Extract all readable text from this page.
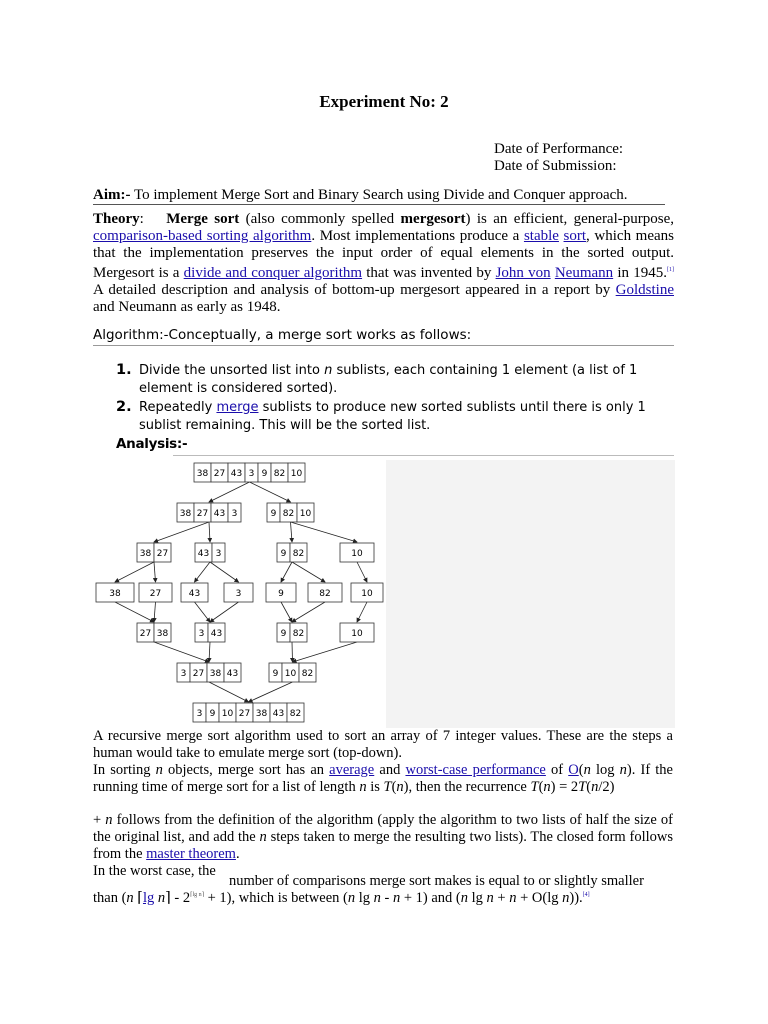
Experiment No: 2
Date of Performance:
Date of Submission:
Aim:- To implement Merge Sort and Binary Search using Divide and Conquer approach.
Theory: Merge sort (also commonly spelled mergesort) is an efficient, general-purpose, comparison-based sorting algorithm. Most implementations produce a stable sort, which means that the implementation preserves the input order of equal elements in the sorted output. Mergesort is a divide and conquer algorithm that was invented by John von Neumann in 1945.[1] A detailed description and analysis of bottom-up mergesort appeared in a report by Goldstine and Neumann as early as 1948.
Algorithm:-Conceptually, a merge sort works as follows:
1. Divide the unsorted list into n sublists, each containing 1 element (a list of 1 element is considered sorted).
2. Repeatedly merge sublists to produce new sorted sublists until there is only 1 sublist remaining. This will be the sorted list.
Analysis:-
38 27 43 3 9 82 10
38 27 43 3	9 82 10
38 27	43 3	9 82	10
38	27	43	3	9	82	10
27 38	3 43	9 82	10
3 27 38 43	9 10 82
3 9 10 27 38 43 82
A recursive merge sort algorithm used to sort an array of 7 integer values. These are the steps a human would take to emulate merge sort (top-down).
In sorting n objects, merge sort has an average and worst-case performance of O(n log n). If the running time of merge sort for a list of length n is T(n), then the recurrence T(n) = 2T(n/2)
+ n follows from the definition of the algorithm (apply the algorithm to two lists of half the size of the original list, and add the n steps taken to merge the resulting two lists). The closed form follows from the master theorem.
In the worst case, the
number of comparisons merge sort makes is equal to or slightly smaller
than (n ⌈lg n⌉ - $2^{⌈lg n⌉} + 1$), which is between (n lg n - n + 1) and (n lg n + n + O(lg n)).[4]
